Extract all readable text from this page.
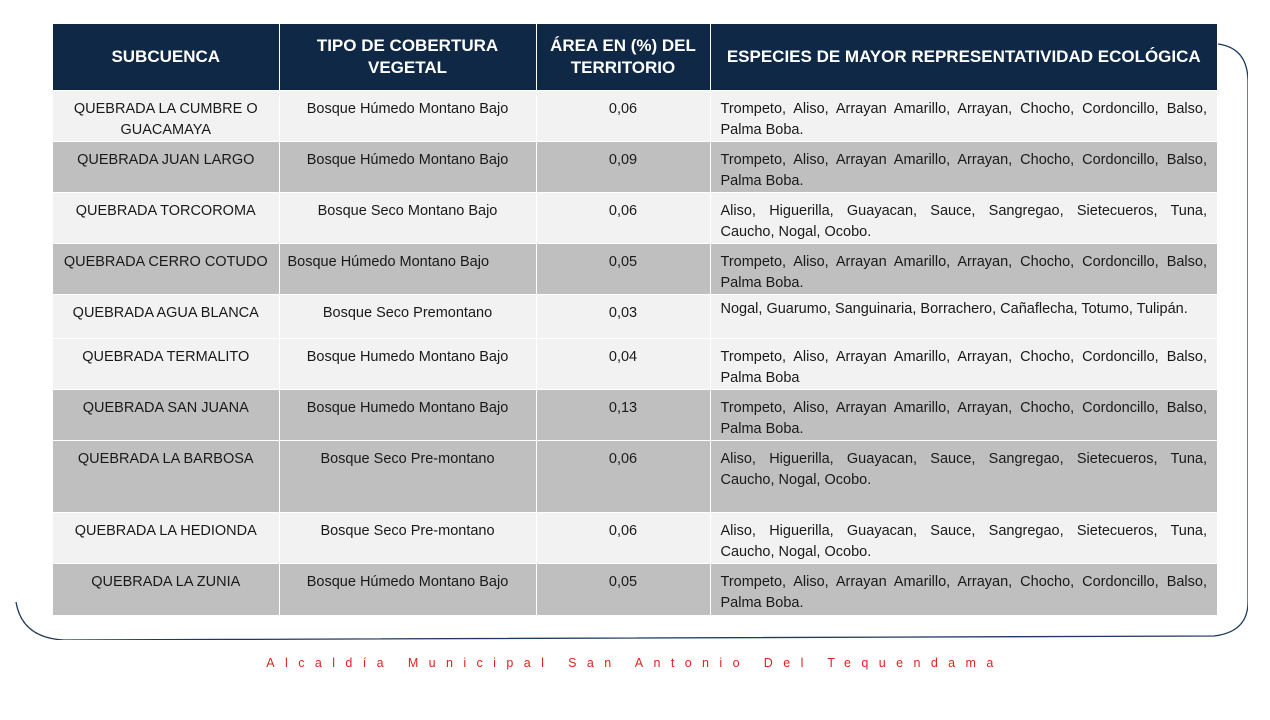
SUBCUENCA	TIPO DE COBERTURA VEGETAL	ÁREA EN (%) DEL TERRITORIO	ESPECIES DE MAYOR REPRESENTATIVIDAD ECOLÓGICA
QUEBRADA LA CUMBRE O GUACAMAYA	Bosque Húmedo Montano Bajo	0,06	Trompeto, Aliso, Arrayan Amarillo, Arrayan, Chocho, Cordoncillo, Balso, Palma Boba.
QUEBRADA JUAN LARGO	Bosque Húmedo Montano Bajo	0,09	Trompeto, Aliso, Arrayan Amarillo, Arrayan, Chocho, Cordoncillo, Balso, Palma Boba.
QUEBRADA TORCOROMA	Bosque Seco Montano Bajo	0,06	Aliso, Higuerilla, Guayacan, Sauce, Sangregao, Sietecueros, Tuna, Caucho, Nogal, Ocobo.
QUEBRADA CERRO COTUDO	Bosque Húmedo Montano Bajo	0,05	Trompeto, Aliso, Arrayan Amarillo, Arrayan, Chocho, Cordoncillo, Balso, Palma Boba.
QUEBRADA AGUA BLANCA	Bosque Seco Premontano	0,03	Nogal, Guarumo, Sanguinaria, Borrachero, Cañaflecha, Totumo, Tulipán.
QUEBRADA TERMALITO	Bosque Humedo Montano Bajo	0,04	Trompeto, Aliso, Arrayan Amarillo, Arrayan, Chocho, Cordoncillo, Balso, Palma Boba
QUEBRADA SAN JUANA	Bosque Humedo Montano Bajo	0,13	Trompeto, Aliso, Arrayan Amarillo, Arrayan, Chocho, Cordoncillo, Balso, Palma Boba.
QUEBRADA LA BARBOSA	Bosque Seco Pre-montano	0,06	Aliso, Higuerilla, Guayacan, Sauce, Sangregao, Sietecueros, Tuna, Caucho, Nogal, Ocobo.
QUEBRADA LA HEDIONDA	Bosque Seco Pre-montano	0,06	Aliso, Higuerilla, Guayacan, Sauce, Sangregao, Sietecueros, Tuna, Caucho, Nogal, Ocobo.
QUEBRADA LA ZUNIA	Bosque Húmedo Montano Bajo	0,05	Trompeto, Aliso, Arrayan Amarillo, Arrayan, Chocho, Cordoncillo, Balso, Palma Boba.
Alcaldía Municipal San Antonio Del Tequendama
